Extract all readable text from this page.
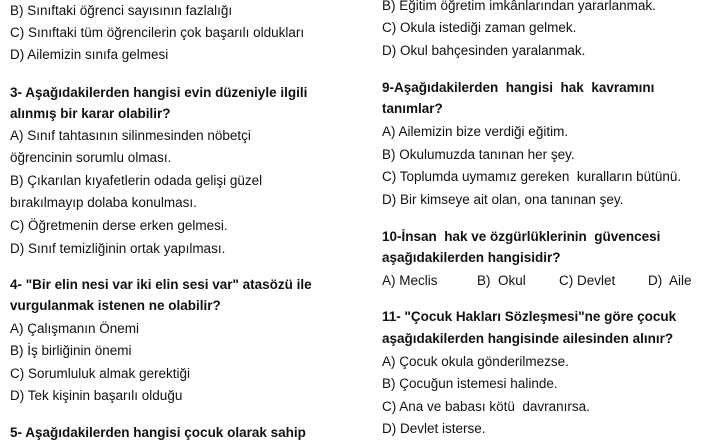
B) Sınıftaki öğrenci sayısının fazlalığı
C) Sınıftaki tüm öğrencilerin çok başarılı oldukları
D) Ailemizin sınıfa gelmesi
3- Aşağıdakilerden hangisi evin düzeniyle ilgili
alınmış bir karar olabilir?
A) Sınıf tahtasının silinmesinden nöbetçi
öğrencinin sorumlu olması.
B) Çıkarılan kıyafetlerin odada gelişi güzel
bırakılmayıp dolaba konulması.
C) Öğretmenin derse erken gelmesi.
D) Sınıf temizliğinin ortak yapılması.
4- "Bir elin nesi var iki elin sesi var" atasözü ile
vurgulanmak istenen ne olabilir?
A) Çalışmanın Önemi
B) İş birliğinin önemi
C) Sorumluluk almak gerektiği
D) Tek kişinin başarılı olduğu
5- Aşağıdakilerden hangisi çocuk olarak sahip
B) Eğitim öğretim imkânlarından yararlanmak.
C) Okula istediği zaman gelmek.
D) Okul bahçesinden yaralanmak.
9-Aşağıdakilerden  hangisi  hak  kavramını
tanımlar?
A) Ailemizin bize verdiği eğitim.
B) Okulumuzda tanınan her şey.
C) Toplumda uymamız gereken  kuralların bütünü.
D) Bir kimseye ait olan, ona tanınan şey.
10-İnsan  hak ve özgürlüklerinin  güvencesi
aşağıdakilerden hangisidir?
A) Meclis	B)  Okul	C) Devlet	D)  Aile
11- "Çocuk Hakları Sözleşmesi"ne göre çocuk
aşağıdakilerden hangisinde ailesinden alınır?
A) Çocuk okula gönderilmezse.
B) Çocuğun istemesi halinde.
C) Ana ve babası kötü  davranırsa.
D) Devlet isterse.
